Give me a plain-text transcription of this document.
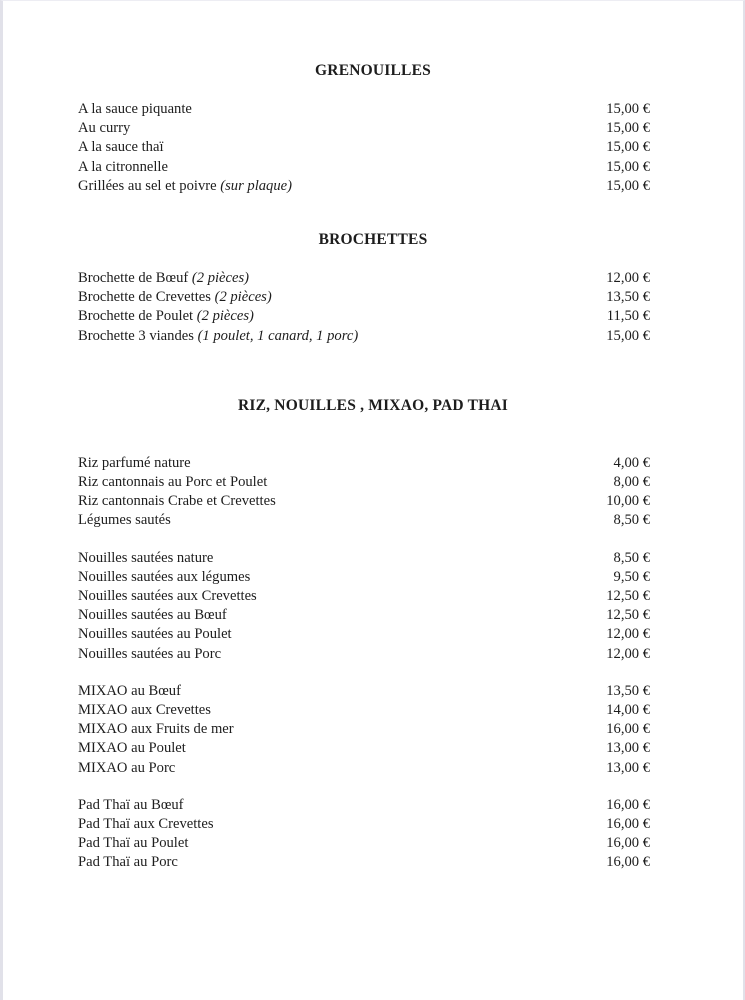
GRENOUILLES
A la sauce piquante	15,00 €
Au curry	15,00 €
A la sauce thaï	15,00 €
A la citronnelle	15,00 €
Grillées au sel et poivre (sur plaque)	15,00 €
BROCHETTES
Brochette de Bœuf (2 pièces)	12,00 €
Brochette de Crevettes (2 pièces)	13,50 €
Brochette de Poulet (2 pièces)	11,50 €
Brochette 3 viandes (1 poulet, 1 canard, 1 porc)	15,00 €
RIZ, NOUILLES , MIXAO, PAD THAI
Riz parfumé nature	4,00 €
Riz cantonnais au Porc et Poulet	8,00 €
Riz cantonnais Crabe et Crevettes	10,00 €
Légumes sautés	8,50 €
Nouilles sautées nature	8,50 €
Nouilles sautées aux légumes	9,50 €
Nouilles sautées aux Crevettes	12,50 €
Nouilles sautées au Bœuf	12,50 €
Nouilles sautées au Poulet	12,00 €
Nouilles sautées au Porc	12,00 €
MIXAO au Bœuf	13,50 €
MIXAO aux Crevettes	14,00 €
MIXAO aux Fruits de mer	16,00 €
MIXAO au Poulet	13,00 €
MIXAO au Porc	13,00 €
Pad Thaï au Bœuf	16,00 €
Pad Thaï aux Crevettes	16,00 €
Pad Thaï au Poulet	16,00 €
Pad Thaï au Porc	16,00 €
